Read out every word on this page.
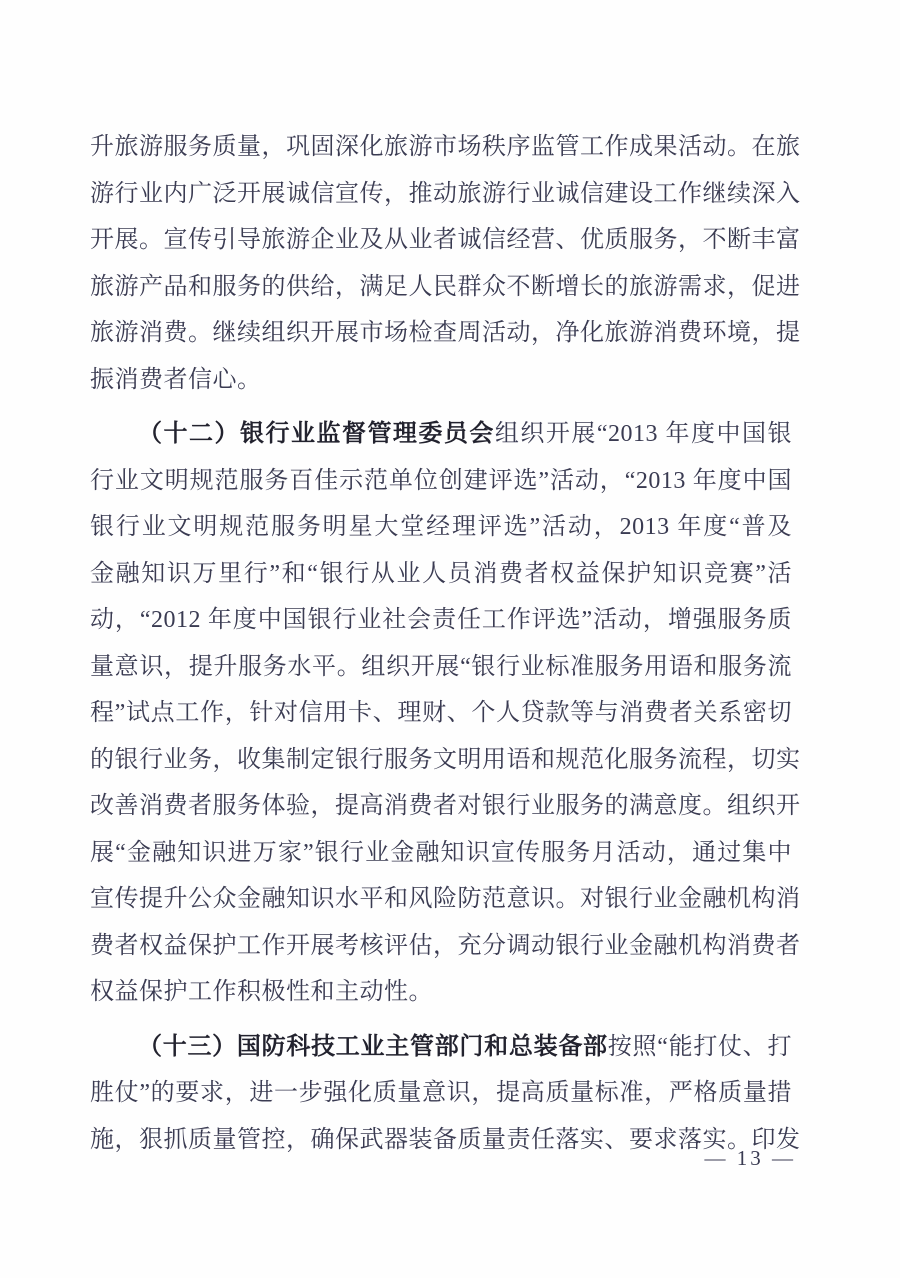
升旅游服务质量，巩固深化旅游市场秩序监管工作成果活动。在旅
游行业内广泛开展诚信宣传，推动旅游行业诚信建设工作继续深入
开展。宣传引导旅游企业及从业者诚信经营、优质服务，不断丰富
旅游产品和服务的供给，满足人民群众不断增长的旅游需求，促进
旅游消费。继续组织开展市场检查周活动，净化旅游消费环境，提
振消费者信心。
（十二）银行业监督管理委员会组织开展“2013 年度中国银
行业文明规范服务百佳示范单位创建评选”活动，“2013 年度中国
银行业文明规范服务明星大堂经理评选”活动，2013 年度“普及
金融知识万里行”和“银行从业人员消费者权益保护知识竞赛”活
动，“2012 年度中国银行业社会责任工作评选”活动，增强服务质
量意识，提升服务水平。组织开展“银行业标准服务用语和服务流
程”试点工作，针对信用卡、理财、个人贷款等与消费者关系密切
的银行业务，收集制定银行服务文明用语和规范化服务流程，切实
改善消费者服务体验，提高消费者对银行业服务的满意度。组织开
展“金融知识进万家”银行业金融知识宣传服务月活动，通过集中
宣传提升公众金融知识水平和风险防范意识。对银行业金融机构消
费者权益保护工作开展考核评估，充分调动银行业金融机构消费者
权益保护工作积极性和主动性。
（十三）国防科技工业主管部门和总装备部按照“能打仗、打
胜仗”的要求，进一步强化质量意识，提高质量标准，严格质量措
施，狠抓质量管控，确保武器装备质量责任落实、要求落实。印发
— 13 —
